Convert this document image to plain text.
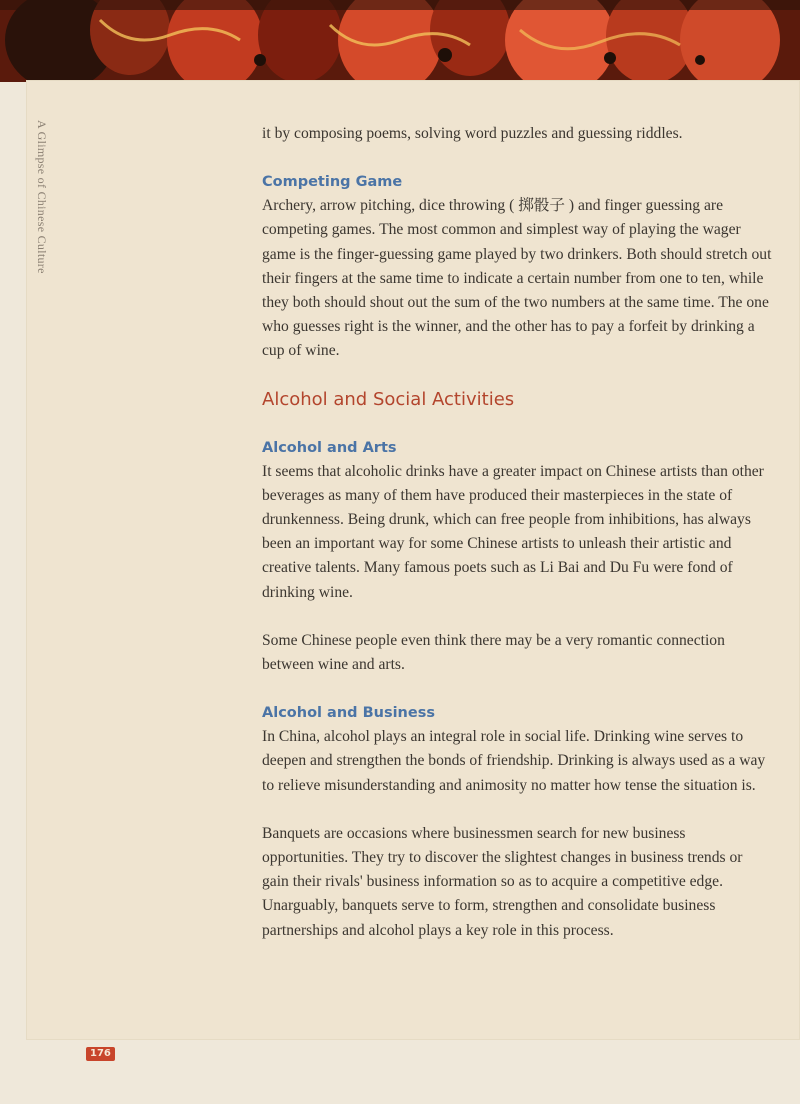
A Glimpse of Chinese Culture	it by composing poems, solving word puzzles and guessing riddles.

Competing Game

Archery, arrow pitching, dice throwing ( 掷骰子 ) and finger guessing are competing games. The most common and simplest way of playing the wager game is the finger-guessing game played by two drinkers. Both should stretch out their fingers at the same time to indicate a certain number from one to ten, while they both should shout out the sum of the two numbers at the same time. The one who guesses right is the winner, and the other has to pay a forfeit by drinking a cup of wine.

Alcohol and Social Activities

Alcohol and Arts

It seems that alcoholic drinks have a greater impact on Chinese artists than other beverages as many of them have produced their masterpieces in the state of drunkenness. Being drunk, which can free people from inhibitions, has always been an important way for some Chinese artists to unleash their artistic and creative talents. Many famous poets such as Li Bai and Du Fu were fond of drinking wine.

Some Chinese people even think there may be a very romantic connection between wine and arts.

Alcohol and Business

In China, alcohol plays an integral role in social life. Drinking wine serves to deepen and strengthen the bonds of friendship. Drinking is always used as a way to relieve misunderstanding and animosity no matter how tense the situation is.

Banquets are occasions where businessmen search for new business opportunities. They try to discover the slightest changes in business trends or gain their rivals' business information so as to acquire a competitive edge. Unarguably, banquets serve to form, strengthen and consolidate business partnerships and alcohol plays a key role in this process.

176
